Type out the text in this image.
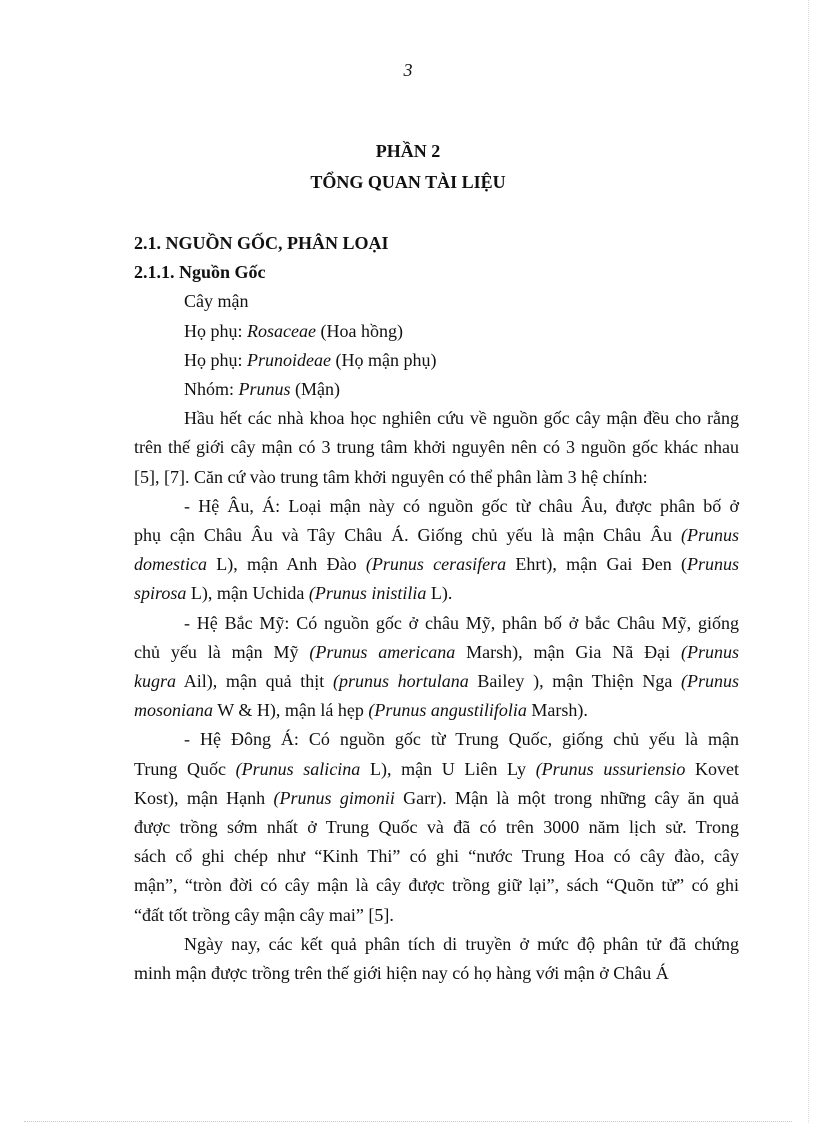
3
PHẦN 2
TỔNG QUAN TÀI LIỆU

2.1. NGUỒN GỐC, PHÂN LOẠI

2.1.1. Nguồn Gốc

Cây mận

Họ phụ: Rosaceae (Hoa hồng)

Họ phụ: Prunoideae (Họ mận phụ)

Nhóm: Prunus (Mận)

Hầu hết các nhà khoa học nghiên cứu về nguồn gốc cây mận đều cho rằng
trên thế giới cây mận có 3 trung tâm khởi nguyên nên có 3 nguồn gốc khác nhau
[5], [7]. Căn cứ vào trung tâm khởi nguyên có thể phân làm 3 hệ chính:
- Hệ Âu, Á: Loại mận này có nguồn gốc từ châu Âu, được phân bố ở
phụ cận Châu Âu và Tây Châu Á. Giống chủ yếu là mận Châu Âu (Prunus
domestica L), mận Anh Đào (Prunus cerasifera Ehrt), mận Gai Đen (Prunus
spirosa L), mận Uchida (Prunus inistilia L).
- Hệ Bắc Mỹ: Có nguồn gốc ở châu Mỹ, phân bố ở bắc Châu Mỹ, giống
chủ yếu là mận Mỹ (Prunus americana Marsh), mận Gia Nã Đại (Prunus
kugra Ail), mận quả thịt (prunus hortulana Bailey ), mận Thiện Nga (Prunus
mosoniana W & H), mận lá hẹp (Prunus angustilifolia Marsh).
- Hệ Đông Á: Có nguồn gốc từ Trung Quốc, giống chủ yếu là mận
Trung Quốc (Prunus salicina L), mận U Liên Ly (Prunus ussuriensio Kovet
Kost), mận Hạnh (Prunus gimonii Garr). Mận là một trong những cây ăn quả
được trồng sớm nhất ở Trung Quốc và đã có trên 3000 năm lịch sử. Trong
sách cổ ghi chép như “Kinh Thi” có ghi “nước Trung Hoa có cây đào, cây
mận”, “tròn đời có cây mận là cây được trồng giữ lại”, sách “Quõn tử” có ghi
“đất tốt trồng cây mận cây mai” [5].
Ngày nay, các kết quả phân tích di truyền ở mức độ phân tử đã chứng
minh mận được trồng trên thế giới hiện nay có họ hàng với mận ở Châu Á
